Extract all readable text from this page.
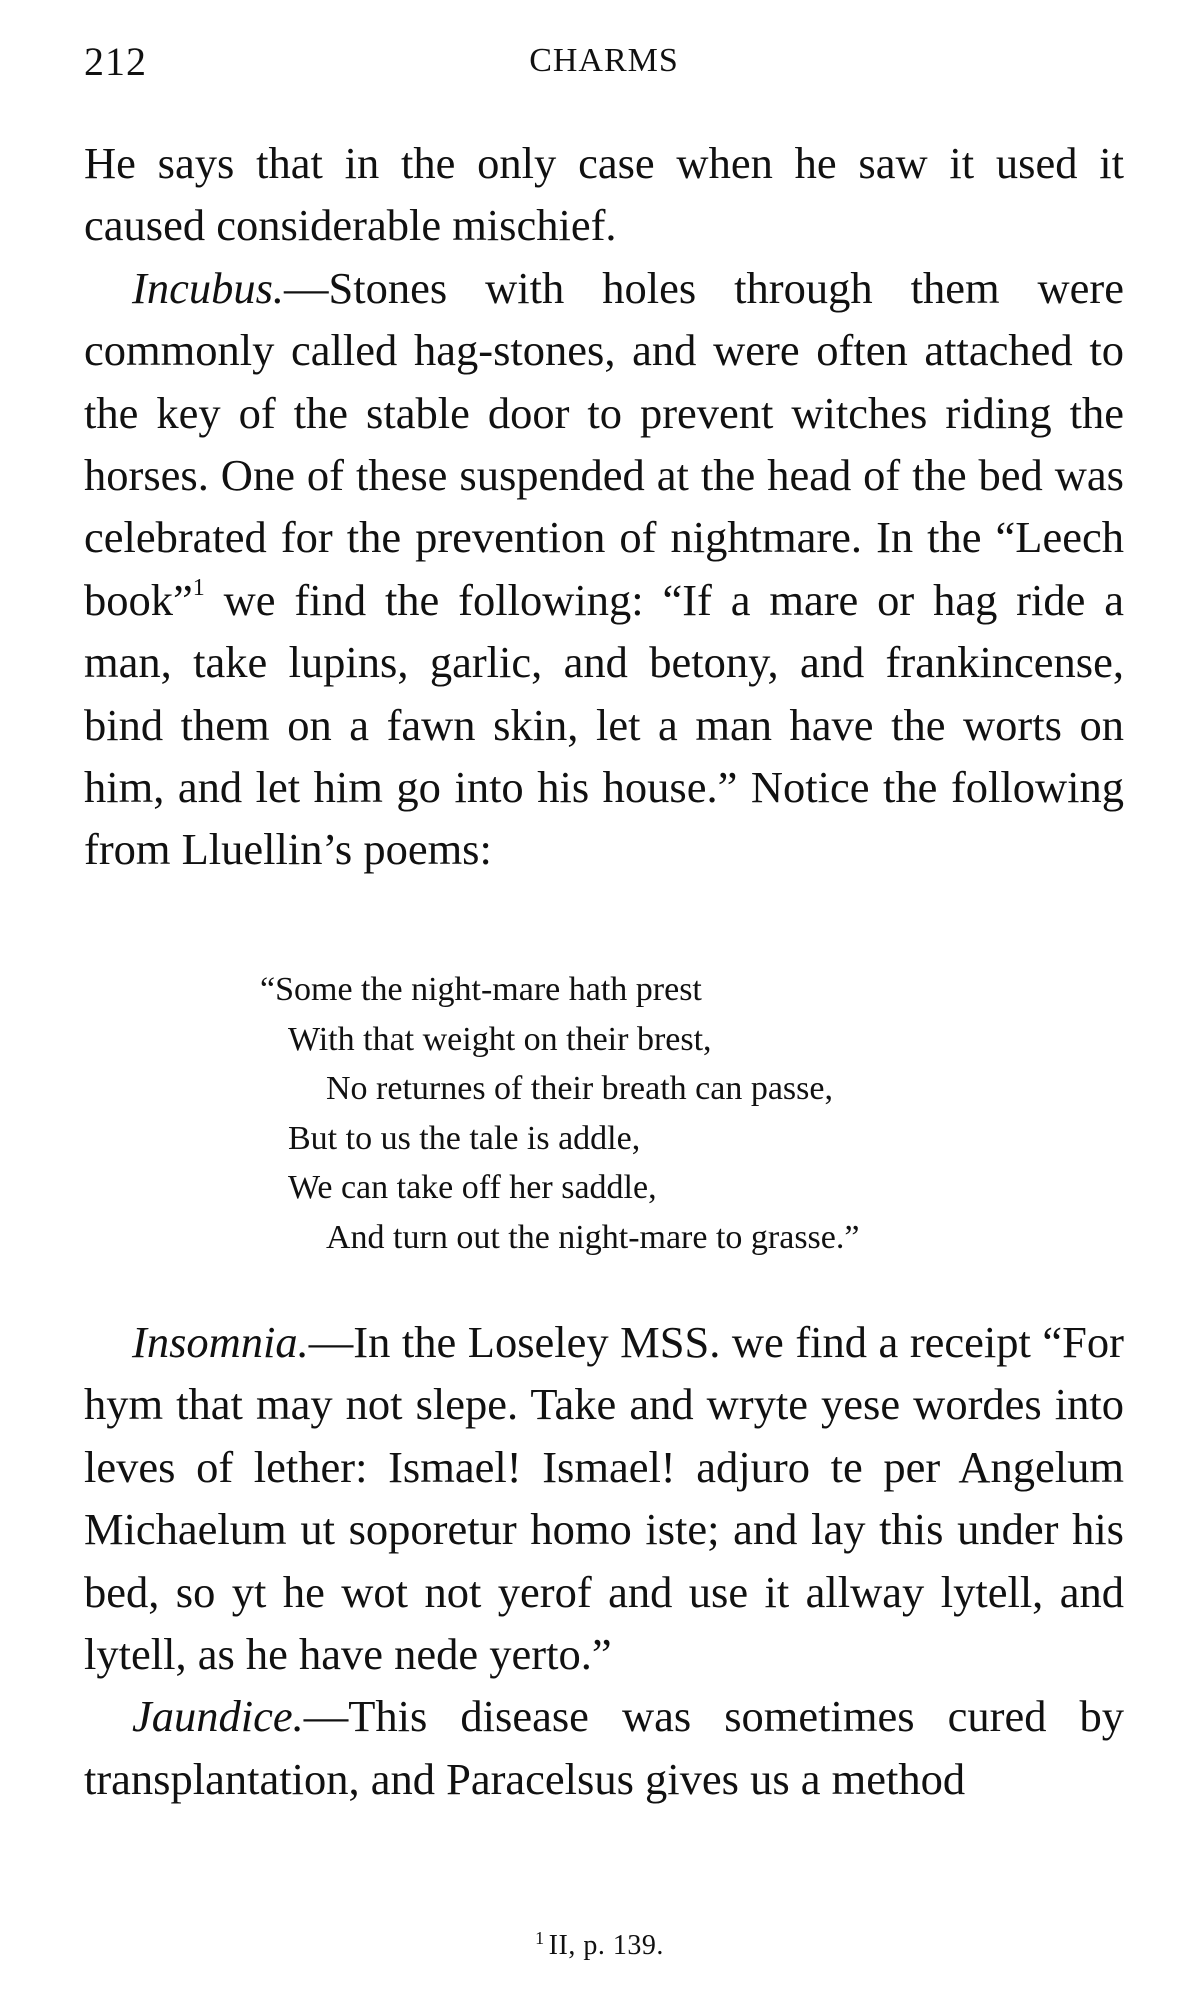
212	CHARMS

He says that in the only case when he saw it used it caused considerable mischief.

Incubus.—Stones with holes through them were commonly called hag-stones, and were often attached to the key of the stable door to prevent witches riding the horses. One of these suspended at the head of the bed was celebrated for the prevention of nightmare. In the “Leech book”$^1$ we find the following: “If a mare or hag ride a man, take lupins, garlic, and betony, and frankincense, bind them on a fawn skin, let a man have the worts on him, and let him go into his house.” Notice the following from Lluellin’s poems:

“Some the night-mare hath prest
With that weight on their brest,
No returnes of their breath can passe,
But to us the tale is addle,
We can take off her saddle,
And turn out the night-mare to grasse.”

Insomnia.—In the Loseley MSS. we find a receipt “For hym that may not slepe. Take and wryte yese wordes into leves of lether: Ismael! Ismael! adjuro te per Angelum Michaelum ut soporetur homo iste; and lay this under his bed, so yt he wot not yerof and use it allway lytell, and lytell, as he have nede yerto.”

Jaundice.—This disease was sometimes cured by transplantation, and Paracelsus gives us a method

$^1$ II, p. 139.
